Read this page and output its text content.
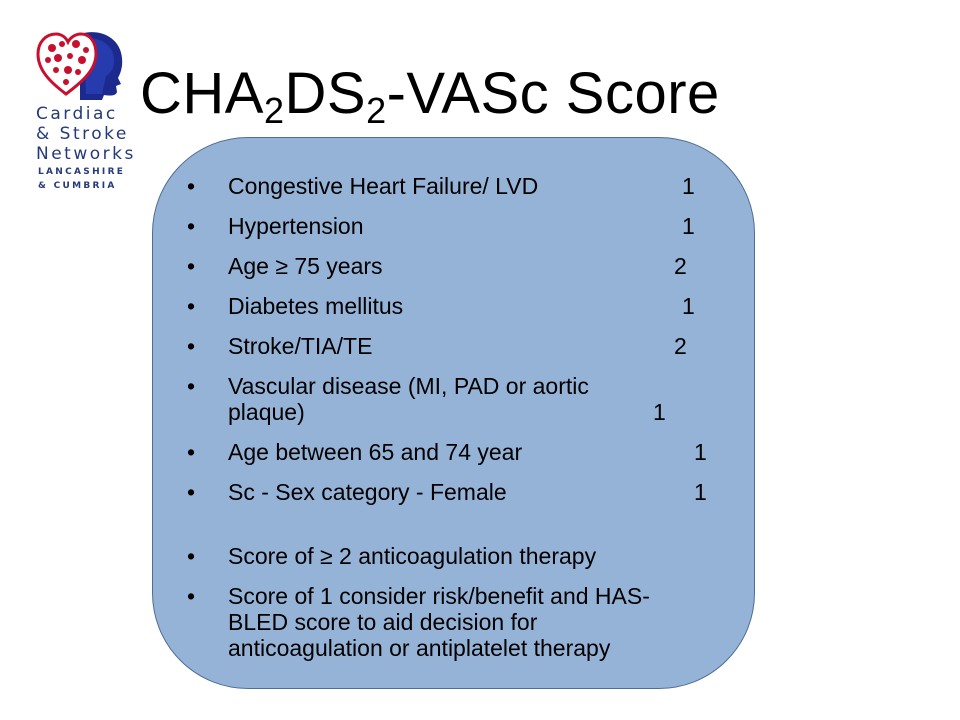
Cardiac
& Stroke
Networks
LANCASHIRE
& CUMBRIA
$CHA_2DS_2$-VASc Score
• Congestive Heart Failure/ LVD	1
• Hypertension	1
• Age ≥ 75 years	2
• Diabetes mellitus	1
• Stroke/TIA/TE	2
• Vascular disease (MI, PAD or aortic
plaque)	1
• Age between 65 and 74 year	1
• Sc - Sex category - Female	1
• Score of ≥ 2 anticoagulation therapy
• Score of 1 consider risk/benefit and HAS-BLED score to aid decision for anticoagulation or antiplatelet therapy
